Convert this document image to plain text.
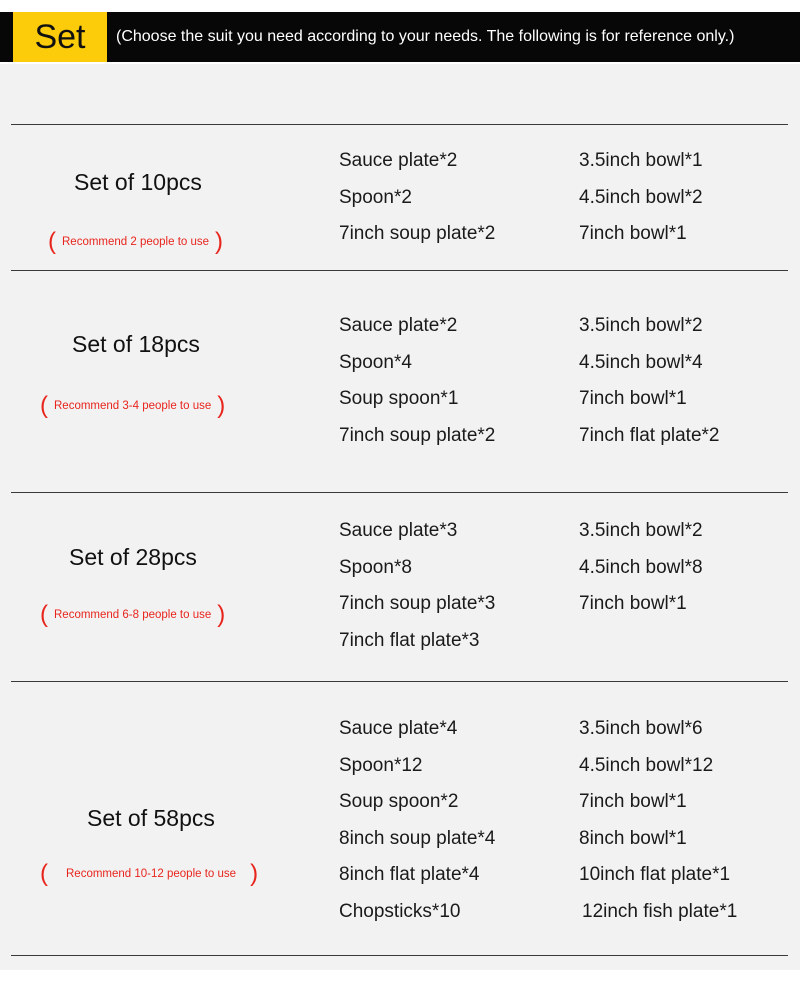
Set	(Choose the suit you need according to your needs. The following is for reference only.)
Set of 10pcs
( Recommend 2 people to use )
Sauce plate*2
Spoon*2
7inch soup plate*2
3.5inch bowl*1
4.5inch bowl*2
7inch bowl*1
Set of 18pcs
( Recommend 3-4 people to use )
Sauce plate*2
Spoon*4
Soup spoon*1
7inch soup plate*2
3.5inch bowl*2
4.5inch bowl*4
7inch bowl*1
7inch flat plate*2
Set of 28pcs
( Recommend 6-8 people to use )
Sauce plate*3
Spoon*8
7inch soup plate*3
7inch flat plate*3
3.5inch bowl*2
4.5inch bowl*8
7inch bowl*1
Set of 58pcs
( Recommend 10-12 people to use )
Sauce plate*4
Spoon*12
Soup spoon*2
8inch soup plate*4
8inch flat plate*4
Chopsticks*10
3.5inch bowl*6
4.5inch bowl*12
7inch bowl*1
8inch bowl*1
10inch flat plate*1
12inch fish plate*1
